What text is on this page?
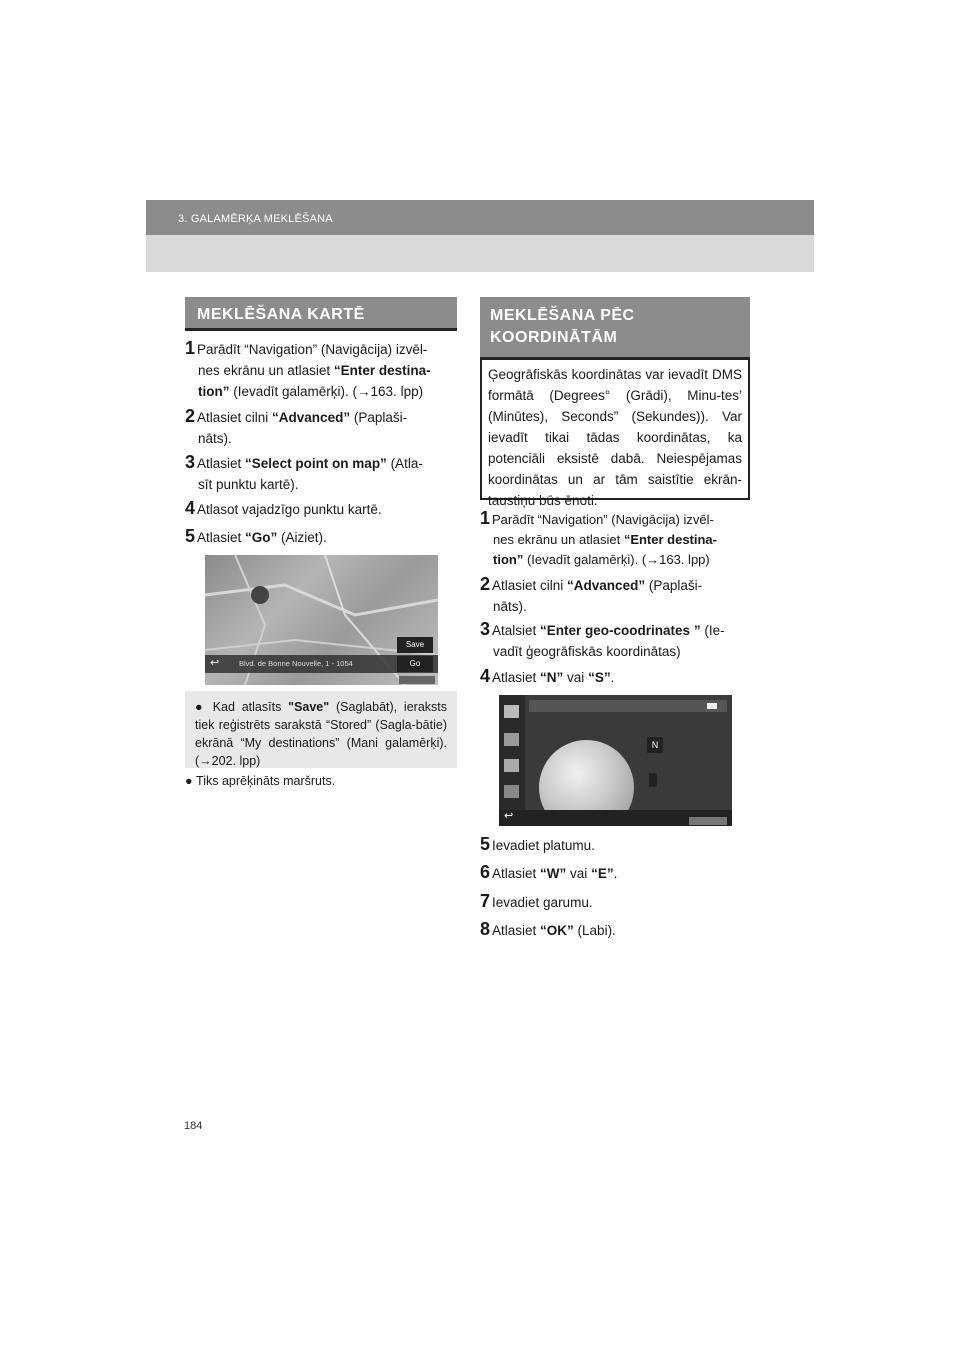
3. GALAMĒRĶA MEKLĒŠANA
MEKLĒŠANA KARTĒ
1 Parādīt “Navigation” (Navigācija) izvēl-
nes ekrānu un atlasiet “Enter destina-
tion” (Ievadīt galamērķi). (→163. lpp)
2 Atlasiet cilni “Advanced” (Paplaši-
nāts).
3 Atlasiet “Select point on map” (Atla-
sīt punktu kartē).
4 Atlasot vajadzīgo punktu kartē.
5 Atlasiet “Go” (Aiziet).
↩	Blvd. de Bonne Nouvelle, 1 - 1054
Save
Go
● Kad atlasīts "Save" (Saglabāt), ieraksts tiek reģistrēts sarakstā “Stored” (Sagla-bātie) ekrānā “My destinations” (Mani galamērķi). (→202. lpp)
● Tiks aprēķināts maršruts.
MEKLĒŠANA PĒC
KOORDINĀTĀM
Ģeogrāfiskās koordinātas var ievadīt DMS formātā (Degrees° (Grādi), Minu-tes’ (Minūtes), Seconds” (Sekundes)). Var ievadīt tikai tādas koordinātas, ka potenciāli eksistē dabā. Neiespējamas koordinātas un ar tām saistītie ekrān-taustiņu būs ēnoti.
1 Parādīt “Navigation” (Navigācija) izvēl-
nes ekrānu un atlasiet “Enter destina-
tion” (Ievadīt galamērķi). (→163. lpp)
2 Atlasiet cilni “Advanced” (Paplaši-
nāts).
3 Atalsiet “Enter geo-coodrinates ” (Ie-
vadīt ģeogrāfiskās koordinātas)
4 Atlasiet “N” vai “S”.
N
↩
5 Ievadiet platumu.
6 Atlasiet “W” vai “E”.
7 Ievadiet garumu.
8 Atlasiet “OK” (Labi).
184
